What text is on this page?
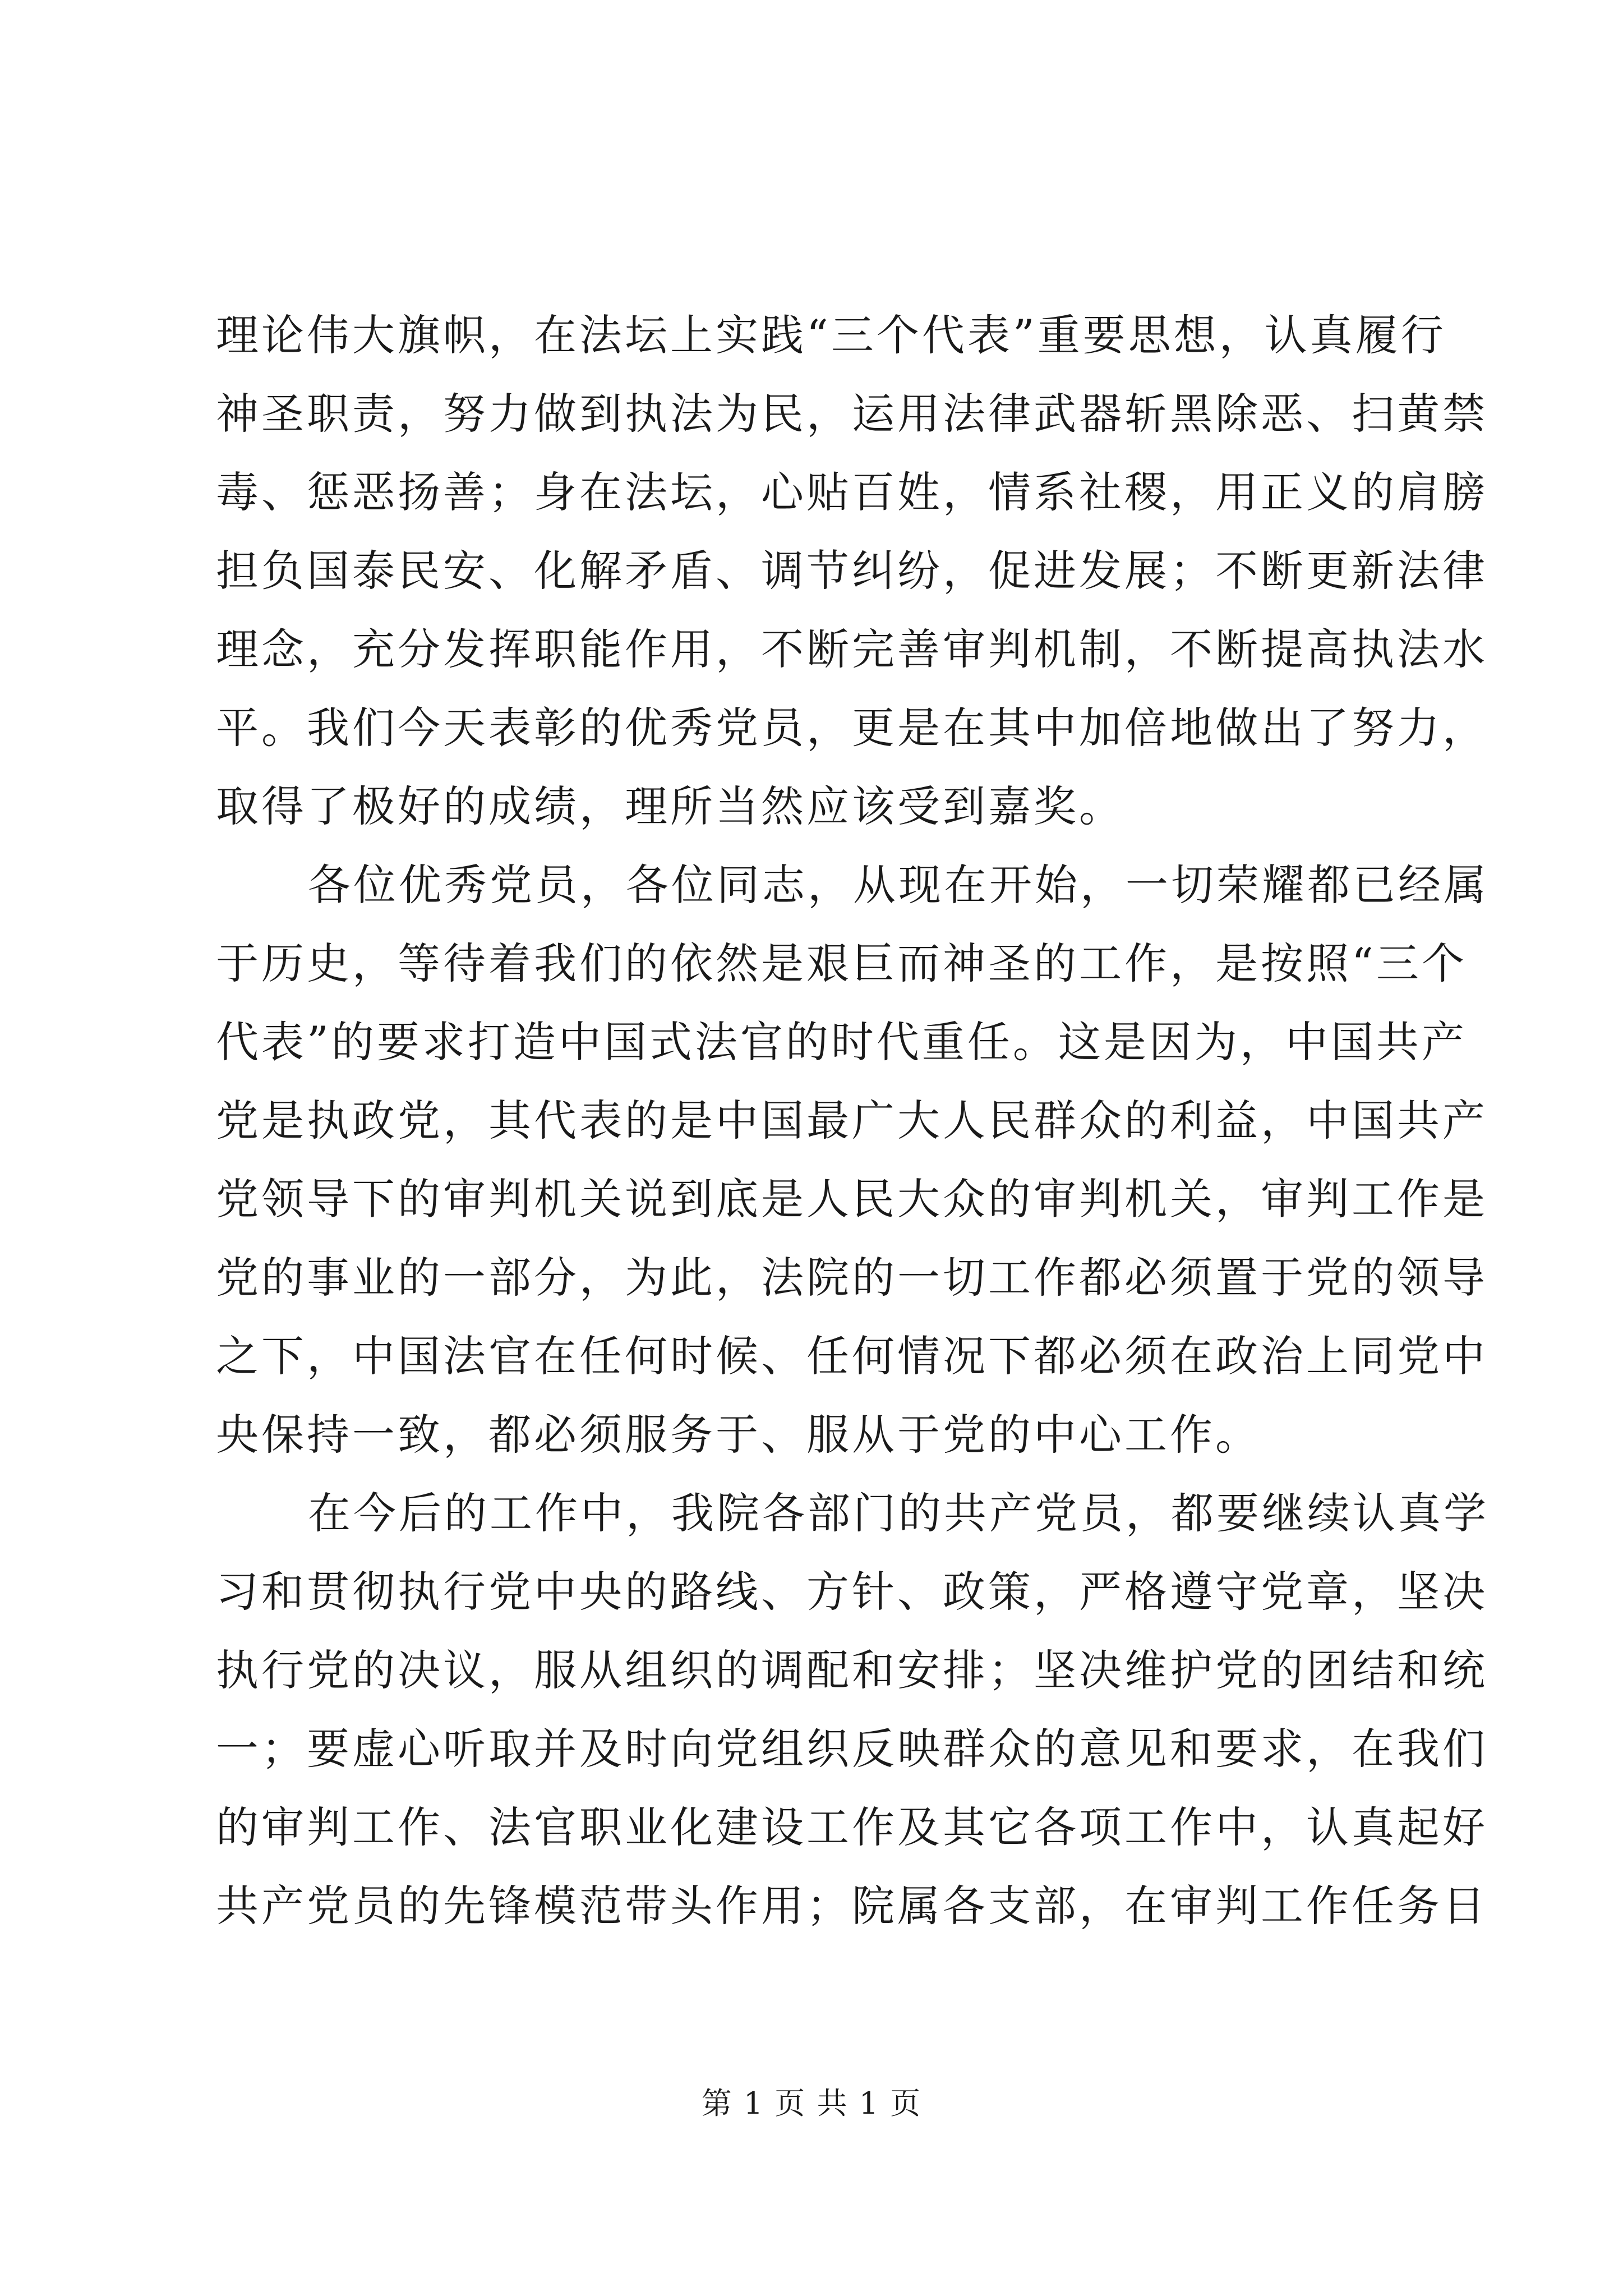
理论伟大旗帜，在法坛上实践“三个代表”重要思想，认真履行
神圣职责，努力做到执法为民，运用法律武器斩黑除恶、扫黄禁
毒、惩恶扬善；身在法坛，心贴百姓，情系社稷，用正义的肩膀
担负国泰民安、化解矛盾、调节纠纷，促进发展；不断更新法律
理念，充分发挥职能作用，不断完善审判机制，不断提高执法水
平。我们今天表彰的优秀党员，更是在其中加倍地做出了努力，
取得了极好的成绩，理所当然应该受到嘉奖。
各位优秀党员，各位同志，从现在开始，一切荣耀都已经属
于历史，等待着我们的依然是艰巨而神圣的工作，是按照“三个
代表”的要求打造中国式法官的时代重任。这是因为，中国共产
党是执政党，其代表的是中国最广大人民群众的利益，中国共产
党领导下的审判机关说到底是人民大众的审判机关，审判工作是
党的事业的一部分，为此，法院的一切工作都必须置于党的领导
之下，中国法官在任何时候、任何情况下都必须在政治上同党中
央保持一致，都必须服务于、服从于党的中心工作。
在今后的工作中，我院各部门的共产党员，都要继续认真学
习和贯彻执行党中央的路线、方针、政策，严格遵守党章，坚决
执行党的决议，服从组织的调配和安排；坚决维护党的团结和统
一；要虚心听取并及时向党组织反映群众的意见和要求，在我们
的审判工作、法官职业化建设工作及其它各项工作中，认真起好
共产党员的先锋模范带头作用；院属各支部，在审判工作任务日
第 1 页 共 1 页
